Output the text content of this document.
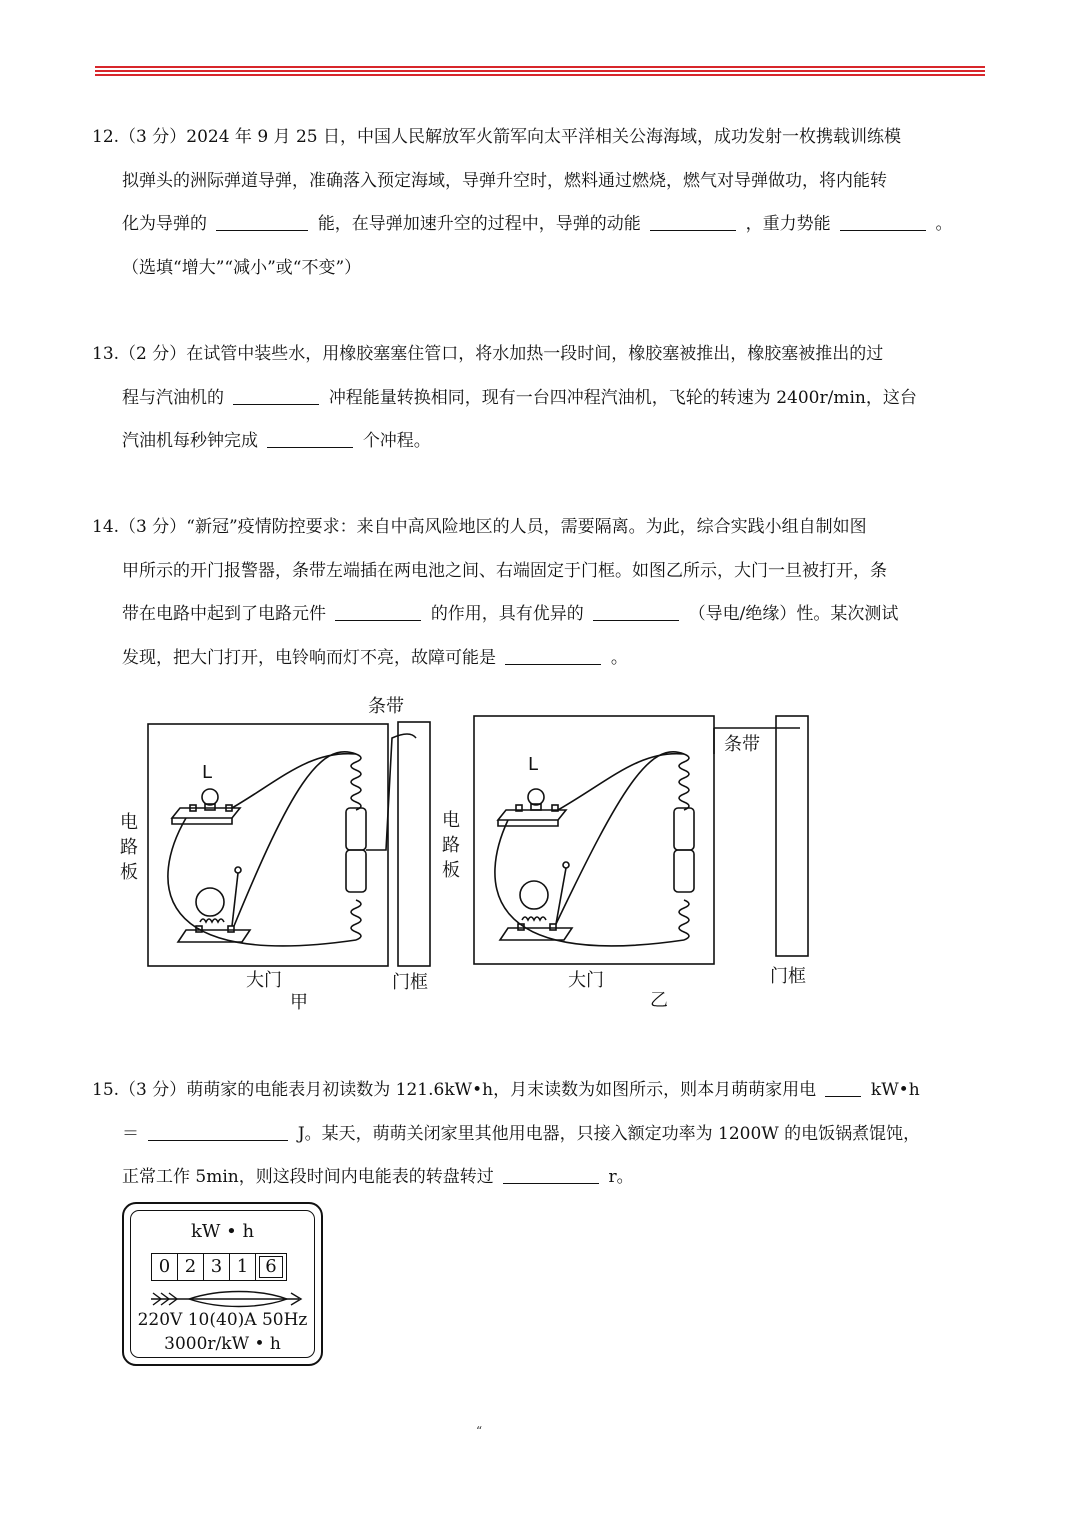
12.（3 分）2024 年 9 月 25 日，中国人民解放军火箭军向太平洋相关公海海域，成功发射一枚携载训练模
拟弹头的洲际弹道导弹，准确落入预定海域，导弹升空时，燃料通过燃烧，燃气对导弹做功，将内能转
化为导弹的	能，在导弹加速升空的过程中，导弹的动能	，重力势能	。
（选填“增大”“减小”或“不变”）
13.（2 分）在试管中装些水，用橡胶塞塞住管口，将水加热一段时间，橡胶塞被推出，橡胶塞被推出的过
程与汽油机的	冲程能量转换相同，现有一台四冲程汽油机，飞轮的转速为 2400r/min，这台
汽油机每秒钟完成	个冲程。
14.（3 分）“新冠”疫情防控要求：来自中高风险地区的人员，需要隔离。为此，综合实践小组自制如图
甲所示的开门报警器，条带左端插在两电池之间、右端固定于门框。如图乙所示，大门一旦被打开，条
带在电路中起到了电路元件	的作用，具有优异的	（导电/绝缘）性。某次测试
发现，把大门打开，电铃响而灯不亮，故障可能是	。
L
条带
电
路
板
大门	门框
甲
L
条带
电
路
板
大门	门框
乙
15.（3 分）萌萌家的电能表月初读数为 121.6kW•h，月末读数为如图所示，则本月萌萌家用电	kW•h
＝	J。某天，萌萌关闭家里其他用电器，只接入额定功率为 1200W 的电饭锅煮馄饨，
正常工作 5min，则这段时间内电能表的转盘转过	r。
kW • h
0 2 3 1 6
220V 10(40)A 50Hz
3000r/kW • h
“
